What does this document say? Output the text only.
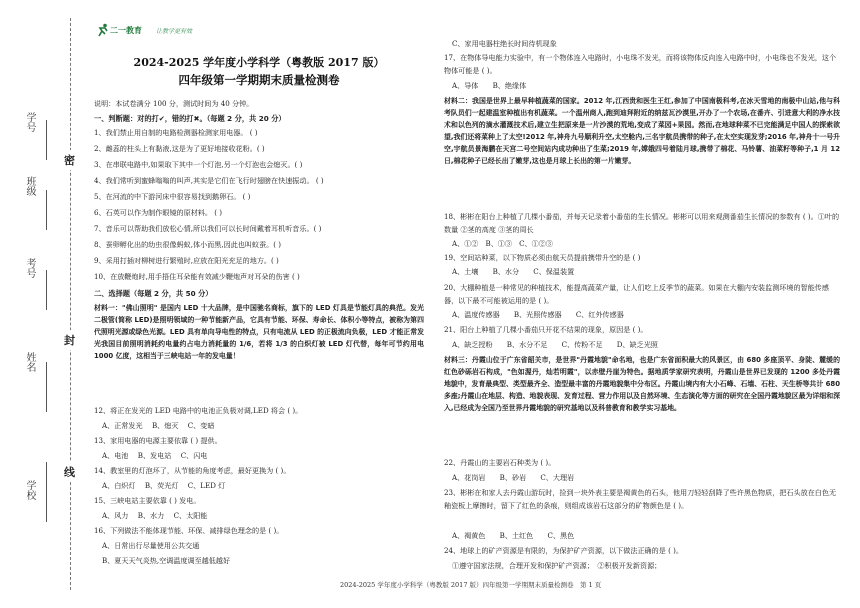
学号
班级
考号
姓名
学校
密
封
线
二一教育 让教学更有效
2024-2025 学年度小学科学（粤教版 2017 版）
四年级第一学期期末质量检测卷
说明：本试卷满分 100 分，测试时间为 40 分钟。
一、判断题：对的打✔，错的打✖。（每题 2 分，共 20 分）
1、我们禁止用自制的电路检测器检测家用电器。 ( )
2、雌蕊的柱头上有黏液,这是为了更好地接收花粉。( )
3、在串联电路中,如果取下其中一个灯泡,另一个灯泡也会熄灭。( )
4、我们常听到蜜蜂嗡嗡的叫声,其实是它们在飞行时翅膀在快速振动。 ( )
5、在河流的中下游河床中很容易找到鹅卵石。 ( )
6、石英可以作为制作眼镜的原材料。 ( )
7、音乐可以帮助我们放松心情,所以我们可以长时间戴着耳机听音乐。( )
8、蚕卵孵化出的幼虫很像蚂蚁,体小而黑,因此也叫蚁蚕。( )
9、采用打插对柳树进行繁殖时,应放在阳光充足的地方。( )
10、在放鞭炮时,用手捂住耳朵能有效减少鞭炮声对耳朵的伤害 ( )
二、选择题（每题 2 分，共 50 分）
材料一："佛山照明" 是国内 LED 十大品牌，是中国驰名商标，旗下的 LED 灯具是节能灯具的典范。发光二极管(简称 LED)是照明领域的一种节能新产品，它具有节能、环保、寿命长、体积小等特点，被称为第四代照明光源或绿色光源。LED 具有单向导电性的特点，只有电流从 LED 的正极流向负极，LED 才能正常发光我国目前照明消耗约电量约占电力消耗量的 1/6，若将 1/3 的白炽灯被 LED 灯代替，每年可节约用电 1000 亿度，这相当于三峡电站一年的发电量！
12、将正在发光的 LED 电路中的电池正负极对调,LED 将会 ( )。
A、正常发光　 B、熄灭　 C、变暗
13、家用电器的电源主要依靠 ( ) 提供。
A、电池　 B、发电站　 C、闪电
14、教室里的灯泡坏了，从节能的角度考虑，最好更换为 ( )。
A、白炽灯　 B、荧光灯　 C、LED 灯
15、三峡电站主要依靠 ( ) 发电。
A、风力　 B、水力　 C、太阳能
16、下列做法不能体现节能、环保、减排绿色理念的是 ( )。
A、日常出行尽量使用公共交通
B、夏天天气炎热,空调温度调至越低越好
C、家用电器柱绝长时间待机现象
17、在物体导电能力实验中，有一个物体连入电路时，小电珠不发光，而将该物体反向连入电路中时，小电珠也不发光，这个物体可能是 ( )。
A、导体　　B、绝缘体
材料二：我国是世界上最早种植蔬菜的国家。2012 年,江西贵和医生王红,参加了中国南极科考,在冰天雪地的南极中山站,他与科考队员们一起建温室种植出有机蔬菜。一个温州商人,跑到迪拜附近的纳兹瓦沙漠里,开办了一个农场,在番卉、引进意大利的净水技术和以色列的滴水灌溉技术后,建立生把原来是一片沙漠的荒地,变成了菜园+果园。然而,在地球种菜不已完能满足中国人的探索欲望,我们还将菜种上了太空!2012 年,神舟九号顺利升空,太空舱内,三名宇航员携带的种子,在太空实现发芽;2016 年,神舟十一号升空,宇航员景海鹏在天宫二号空间站内成功种出了生菜;2019 年,嫦娥四号着陆月球,携带了棉花、马铃薯、油菜籽等种子,1 月 12 日,棉花种子已经长出了嫩芽,这也是月球上长出的第一片嫩芽。
18、彬彬在阳台上种植了几棵小番茄，并每天记录着小番茄的生长情况。彬彬可以用来观测番茄生长情况的参数有 ( )。①叶的数量 ②茎的高度 ③茎的周长
A、①②　B、①③　C、①②③
19、空间站种菜，以下物质必须由航天员提前携带升空的是 ( )
A、土壤　　B、水分　　C、保温装置
20、大棚种植是一种常见的种植技术，能提高蔬菜产量，让人们吃上反季节的蔬菜。如果在大棚内安装监测环境的智能传感器，以下最不可能被运用的是 ( )。
A、温度传感器　　B、光照传感器　　C、红外传感器
21、阳台上种植了几棵小番茄只开花不结果的现象，原因是 ( )。
A、缺乏授粉　　B、水分不足　　C、传粉不足　　D、缺乏光照
材料三：丹霞山位于广东省韶关市，是世界"丹霞地貌"命名地，也是广东省面积最大的风景区，由 680 多座顶平、身陡、麓缓的红色砂砾岩石构成，"色如渥丹，灿若明霞"，以赤壁丹崖为特色。据地质学家研究表明，丹霞山是世界已发现的 1200 多处丹霞地貌中，发育最典型、类型最齐全、造型最丰富的丹霞地貌集中分布区。丹霞山境内有大小石峰、石墙、石柱、天生桥等共计 680 多座;丹霞山在地层、构造、地貌表现、发育过程、营力作用以及自然环境、生态演化等方面的研究在全国丹霞地貌区最为详细和深入,已经成为全国乃至世界丹霞地貌的研究基地以及科普教育和教学实习基地。
22、丹霞山的主要岩石种类为 ( )。
A、花岗岩　　B、砂岩　　C、大理岩
23、彬彬在和家人去丹霞山游玩时，捡到一块外表主要是褐黄色的石头，他用刀轻轻刮降了些许黑色物质，把石头放在白色无釉瓷板上摩擦时，留下了红色的条痕，则组成该岩石这部分的矿物颜色是 ( )。
A、褐黄色　　B、土红色　　C、黑色
24、地球上的矿产资源是有限的，为保护矿产资源，以下做法正确的是 ( )。
①遵守国家法规，合理开发和保护矿产资源；　②积极开发新资源；
2024-2025 学年度小学科学（粤教版 2017 版）四年级第一学期期末质量检测卷　第 1 页
